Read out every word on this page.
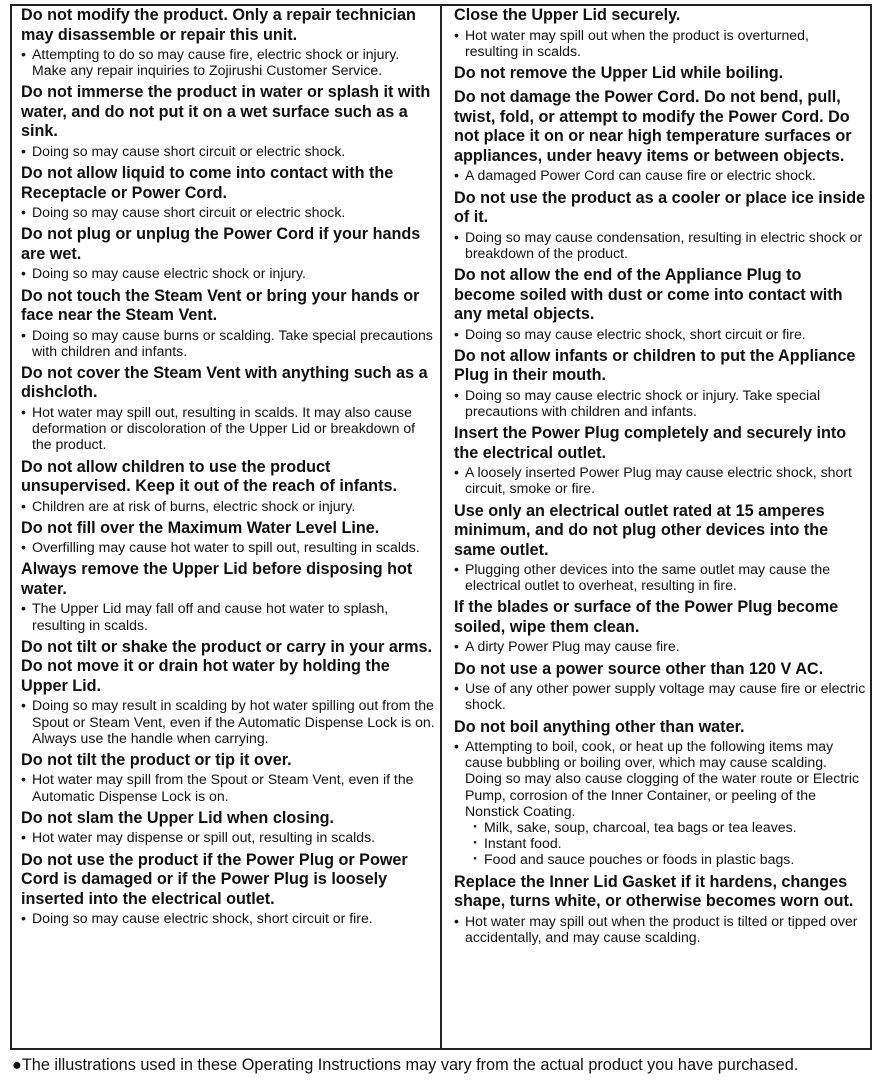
Do not modify the product. Only a repair technician may disassemble or repair this unit.

• Attempting to do so may cause fire, electric shock or injury. Make any repair inquiries to Zojirushi Customer Service.

Do not immerse the product in water or splash it with water, and do not put it on a wet surface such as a sink.

• Doing so may cause short circuit or electric shock.

Do not allow liquid to come into contact with the Receptacle or Power Cord.

• Doing so may cause short circuit or electric shock.

Do not plug or unplug the Power Cord if your hands are wet.

• Doing so may cause electric shock or injury.

Do not touch the Steam Vent or bring your hands or face near the Steam Vent.

• Doing so may cause burns or scalding. Take special precautions with children and infants.

Do not cover the Steam Vent with anything such as a dishcloth.

• Hot water may spill out, resulting in scalds. It may also cause deformation or discoloration of the Upper Lid or breakdown of the product.

Do not allow children to use the product unsupervised. Keep it out of the reach of infants.

• Children are at risk of burns, electric shock or injury.

Do not fill over the Maximum Water Level Line.

• Overfilling may cause hot water to spill out, resulting in scalds.

Always remove the Upper Lid before disposing hot water.

• The Upper Lid may fall off and cause hot water to splash, resulting in scalds.

Do not tilt or shake the product or carry in your arms. Do not move it or drain hot water by holding the Upper Lid.

• Doing so may result in scalding by hot water spilling out from the Spout or Steam Vent, even if the Automatic Dispense Lock is on. Always use the handle when carrying.

Do not tilt the product or tip it over.

• Hot water may spill from the Spout or Steam Vent, even if the Automatic Dispense Lock is on.

Do not slam the Upper Lid when closing.

• Hot water may dispense or spill out, resulting in scalds.

Do not use the product if the Power Plug or Power Cord is damaged or if the Power Plug is loosely inserted into the electrical outlet.

• Doing so may cause electric shock, short circuit or fire.

Close the Upper Lid securely.

• Hot water may spill out when the product is overturned, resulting in scalds.

Do not remove the Upper Lid while boiling.

Do not damage the Power Cord. Do not bend, pull, twist, fold, or attempt to modify the Power Cord. Do not place it on or near high temperature surfaces or appliances, under heavy items or between objects.

• A damaged Power Cord can cause fire or electric shock.

Do not use the product as a cooler or place ice inside of it.

• Doing so may cause condensation, resulting in electric shock or breakdown of the product.

Do not allow the end of the Appliance Plug to become soiled with dust or come into contact with any metal objects.

• Doing so may cause electric shock, short circuit or fire.

Do not allow infants or children to put the Appliance Plug in their mouth.

• Doing so may cause electric shock or injury. Take special precautions with children and infants.

Insert the Power Plug completely and securely into the electrical outlet.

• A loosely inserted Power Plug may cause electric shock, short circuit, smoke or fire.

Use only an electrical outlet rated at 15 amperes minimum, and do not plug other devices into the same outlet.

• Plugging other devices into the same outlet may cause the electrical outlet to overheat, resulting in fire.

If the blades or surface of the Power Plug become soiled, wipe them clean.

• A dirty Power Plug may cause fire.

Do not use a power source other than 120 V AC.

• Use of any other power supply voltage may cause fire or electric shock.

Do not boil anything other than water.

• Attempting to boil, cook, or heat up the following items may cause bubbling or boiling over, which may cause scalding. Doing so may also cause clogging of the water route or Electric Pump, corrosion of the Inner Container, or peeling of the Nonstick Coating.

・ Milk, sake, soup, charcoal, tea bags or tea leaves.

・ Instant food.

・ Food and sauce pouches or foods in plastic bags.

Replace the Inner Lid Gasket if it hardens, changes shape, turns white, or otherwise becomes worn out.

• Hot water may spill out when the product is tilted or tipped over accidentally, and may cause scalding.

●The illustrations used in these Operating Instructions may vary from the actual product you have purchased.
